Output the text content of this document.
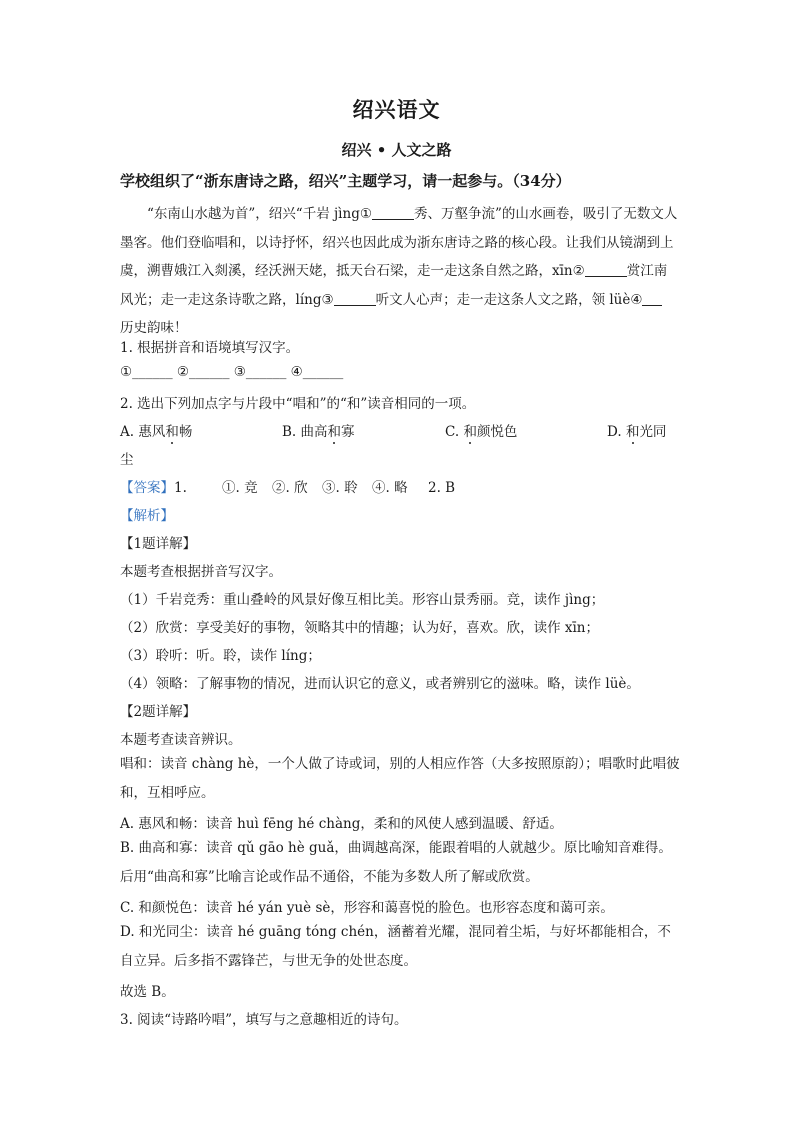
绍兴语文
绍兴 • 人文之路
学校组织了“浙东唐诗之路，绍兴”主题学习，请一起参与。（34分）
“东南山水越为首”，绍兴“千岩 jìng①	秀、万壑争流”的山水画卷，吸引了无数文人墨客。他们登临唱和，以诗抒怀，绍兴也因此成为浙东唐诗之路的核心段。让我们从镜湖到上虞，溯曹娥江入剡溪，经沃洲天姥，抵天台石梁，走一走这条自然之路，xīn②	赏江南风光；走一走这条诗歌之路，líng③	听文人心声；走一走这条人文之路，领 lüè④
历史韵味！
1. 根据拼音和语境填写汉字。
①______ ②______ ③______ ④______
2. 选出下列加点字与片段中“唱和”的“和”读音相同的一项。
A. 惠风和畅	B. 曲高和寡	C. 和颜悦色	D. 和光同
尘
【答案】1.	①. 竞 ②. 欣 ③. 聆 ④. 略 2. B
【解析】
【1题详解】
本题考查根据拼音写汉字。
（1）千岩竞秀：重山叠岭的风景好像互相比美。形容山景秀丽。竞，读作 jìng；
（2）欣赏：享受美好的事物，领略其中的情趣；认为好，喜欢。欣，读作 xīn；
（3）聆听：听。聆，读作 líng；
（4）领略：了解事物的情况，进而认识它的意义，或者辨别它的滋味。略，读作 lüè。
【2题详解】
本题考查读音辨识。
唱和：读音 chàng hè，一个人做了诗或词，别的人相应作答（大多按照原韵）；唱歌时此唱彼和，互相呼应。
A. 惠风和畅：读音 huì fēng hé chàng，柔和的风使人感到温暖、舒适。
B. 曲高和寡：读音 qǔ gāo hè guǎ，曲调越高深，能跟着唱的人就越少。原比喻知音难得。后用“曲高和寡”比喻言论或作品不通俗，不能为多数人所了解或欣赏。
C. 和颜悦色：读音 hé yán yuè sè，形容和蔼喜悦的脸色。也形容态度和蔼可亲。
D. 和光同尘：读音 hé guāng tóng chén，涵蓄着光耀，混同着尘垢，与好坏都能相合，不自立异。后多指不露锋芒，与世无争的处世态度。
故选 B。
3. 阅读“诗路吟唱”，填写与之意趣相近的诗句。
